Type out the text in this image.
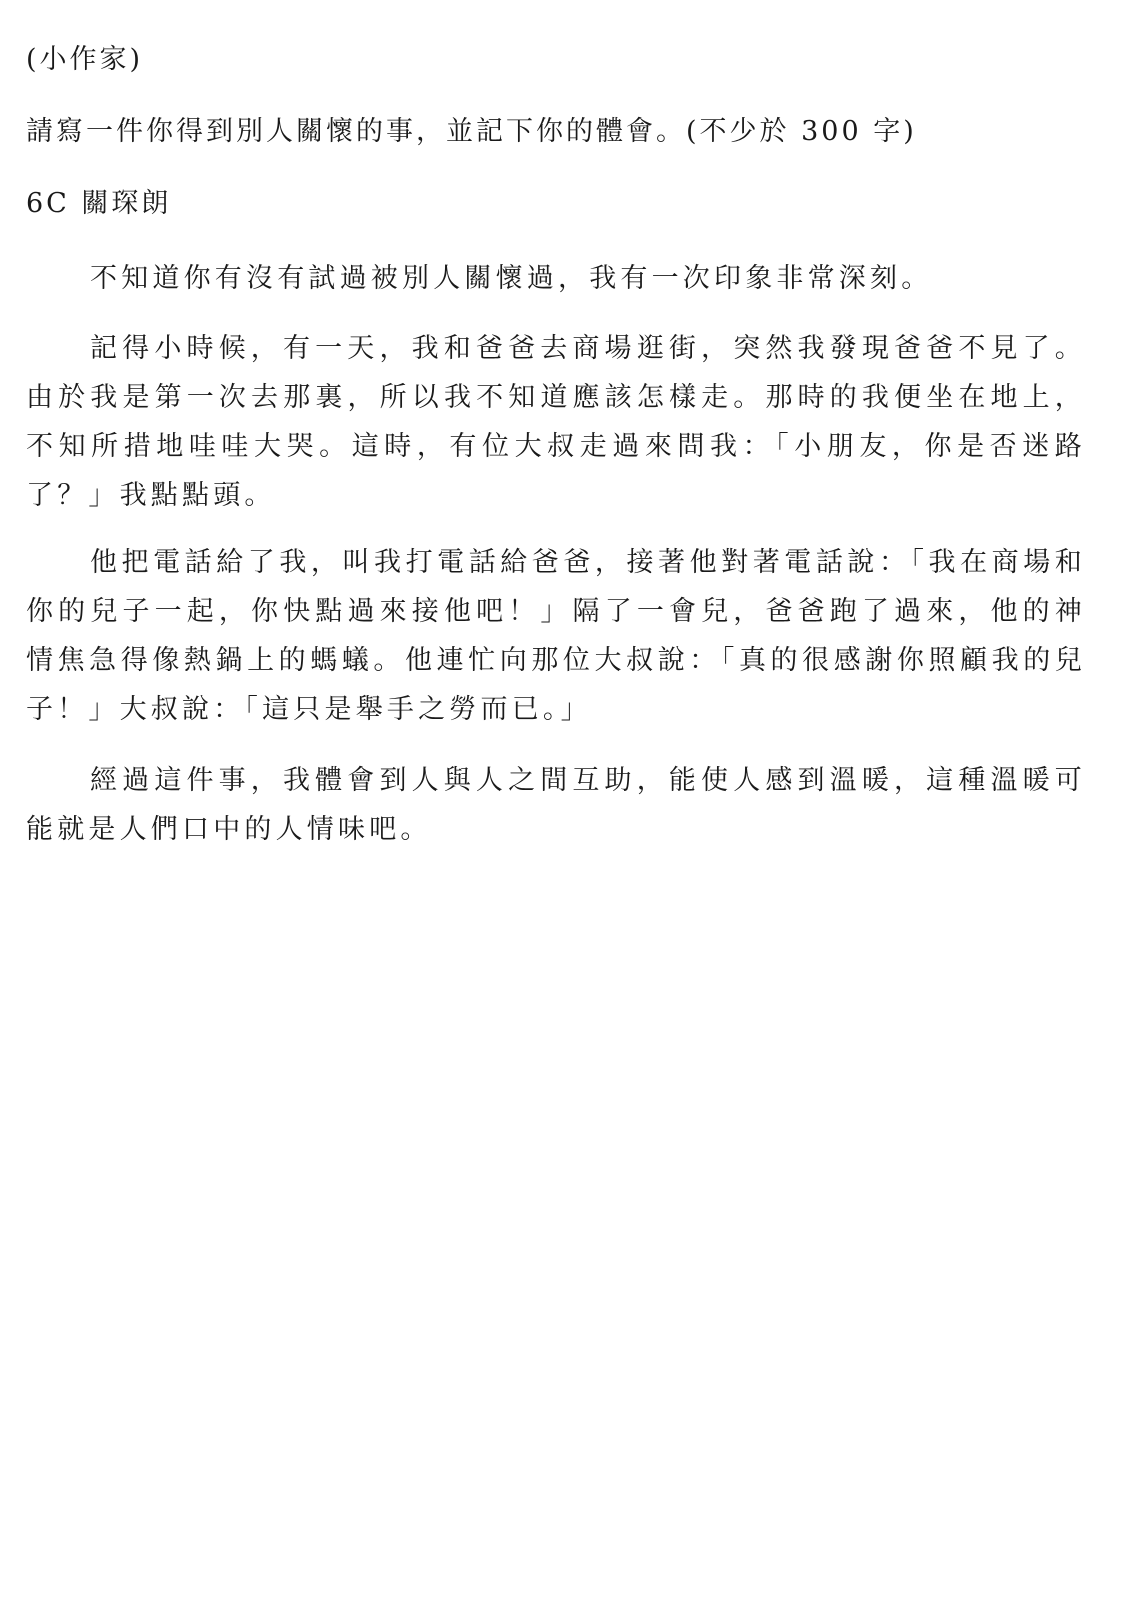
(小作家)
請寫一件你得到別人關懷的事，並記下你的體會。(不少於 300 字)
6C 關琛朗

不知道你有沒有試過被別人關懷過，我有一次印象非常深刻。

記得小時候，有一天，我和爸爸去商場逛街，突然我發現爸爸不見了。由於我是第一次去那裏，所以我不知道應該怎樣走。那時的我便坐在地上，不知所措地哇哇大哭。這時，有位大叔走過來問我：「小朋友，你是否迷路了？」我點點頭。

他把電話給了我，叫我打電話給爸爸，接著他對著電話說：「我在商場和你的兒子一起，你快點過來接他吧！」隔了一會兒，爸爸跑了過來，他的神情焦急得像熱鍋上的螞蟻。他連忙向那位大叔說：「真的很感謝你照顧我的兒子！」大叔說：「這只是舉手之勞而已。」

經過這件事，我體會到人與人之間互助，能使人感到溫暖，這種溫暖可能就是人們口中的人情味吧。
